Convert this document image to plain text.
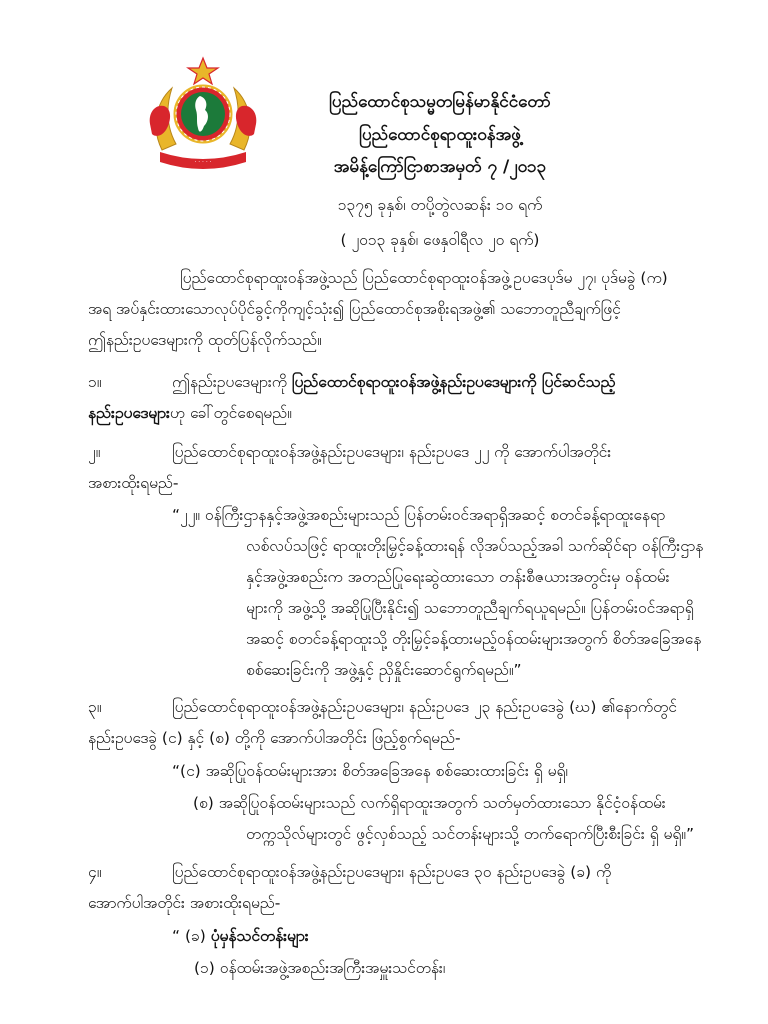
· · · · ·
ပြည်ထောင်စုသမ္မတမြန်မာနိုင်ငံတော်
ပြည်ထောင်စုရာထူးဝန်အဖွဲ့
အမိန့်ကြော်ငြာစာအမှတ် ၇ /၂၀၁၃
၁၃၇၅ ခုနှစ်၊ တပို့တွဲလဆန်း ၁၀ ရက်
( ၂၀၁၃ ခုနှစ်၊ ဖေနှဝါရီလ ၂၀ ရက်)
ပြည်ထောင်စုရာထူးဝန်အဖွဲ့သည် ပြည်ထောင်စုရာထူးဝန်အဖွဲ့ဥပဒေပုဒ်မ ၂၇၊ ပုဒ်မခွဲ (က)
အရ အပ်နှင်းထားသောလုပ်ပိုင်ခွင့်ကိုကျင့်သုံး၍ ပြည်ထောင်စုအစိုးရအဖွဲ့၏ သဘောတူညီချက်ဖြင့်
ဤနည်းဥပဒေများကို ထုတ်ပြန်လိုက်သည်။
၁။	ဤနည်းဥပဒေများကို ပြည်ထောင်စုရာထူးဝန်အဖွဲ့နည်းဥပဒေများကို ပြင်ဆင်သည့်
နည်းဥပဒေများဟု ခေါ်တွင်စေရမည်။
၂။	ပြည်ထောင်စုရာထူးဝန်အဖွဲ့နည်းဥပဒေများ၊ နည်းဥပဒေ ၂၂ ကို အောက်ပါအတိုင်း
အစားထိုးရမည်-
“၂၂။ ဝန်ကြီးဌာနနှင့်အဖွဲ့အစည်းများသည် ပြန်တမ်းဝင်အရာရှိအဆင့် စတင်ခန့်ရာထူးနေရာ
လစ်လပ်သဖြင့် ရာထူးတိုးမြှင့်ခန့်ထားရန် လိုအပ်သည့်အခါ သက်ဆိုင်ရာ ဝန်ကြီးဌာန
နှင့်အဖွဲ့အစည်းက အတည်ပြုရေးဆွဲထားသော တန်းစီဇယားအတွင်းမှ ဝန်ထမ်း
များကို အဖွဲ့သို့ အဆိုပြုပြီးနိုင်း၍ သဘောတူညီချက်ရယူရမည်။ ပြန်တမ်းဝင်အရာရှိ
အဆင့် စတင်ခန့်ရာထူးသို့ တိုးမြှင့်ခန့်ထားမည့်ဝန်ထမ်းများအတွက် စိတ်အခြေအနေ
စစ်ဆေးခြင်းကို အဖွဲ့နှင့် ညှိနှိုင်းဆောင်ရွက်ရမည်။”
၃။	ပြည်ထောင်စုရာထူးဝန်အဖွဲ့နည်းဥပဒေများ၊ နည်းဥပဒေ ၂၃ နည်းဥပဒေခွဲ (ဃ) ၏နောက်တွင်
နည်းဥပဒေခွဲ (င) နှင့် (စ) တို့ကို အောက်ပါအတိုင်း ဖြည့်စွက်ရမည်-
“(င) အဆိုပြုဝန်ထမ်းများအား စိတ်အခြေအနေ စစ်ဆေးထားခြင်း ရှိ မရှိ၊
(စ) အဆိုပြုဝန်ထမ်းများသည် လက်ရှိရာထူးအတွက် သတ်မှတ်ထားသော နိုင်ငံ့ဝန်ထမ်း
တက္ကသိုလ်များတွင် ဖွင့်လှစ်သည့် သင်တန်းများသို့ တက်ရောက်ပြီးစီးခြင်း ရှိ မရှိ။”
၄။	ပြည်ထောင်စုရာထူးဝန်အဖွဲ့နည်းဥပဒေများ၊ နည်းဥပဒေ ၃၀ နည်းဥပဒေခွဲ (ခ) ကို
အောက်ပါအတိုင်း အစားထိုးရမည်-
“ (ခ) ပုံမှန်သင်တန်းများ
(၁) ဝန်ထမ်းအဖွဲ့အစည်းအကြီးအမှူးသင်တန်း၊
